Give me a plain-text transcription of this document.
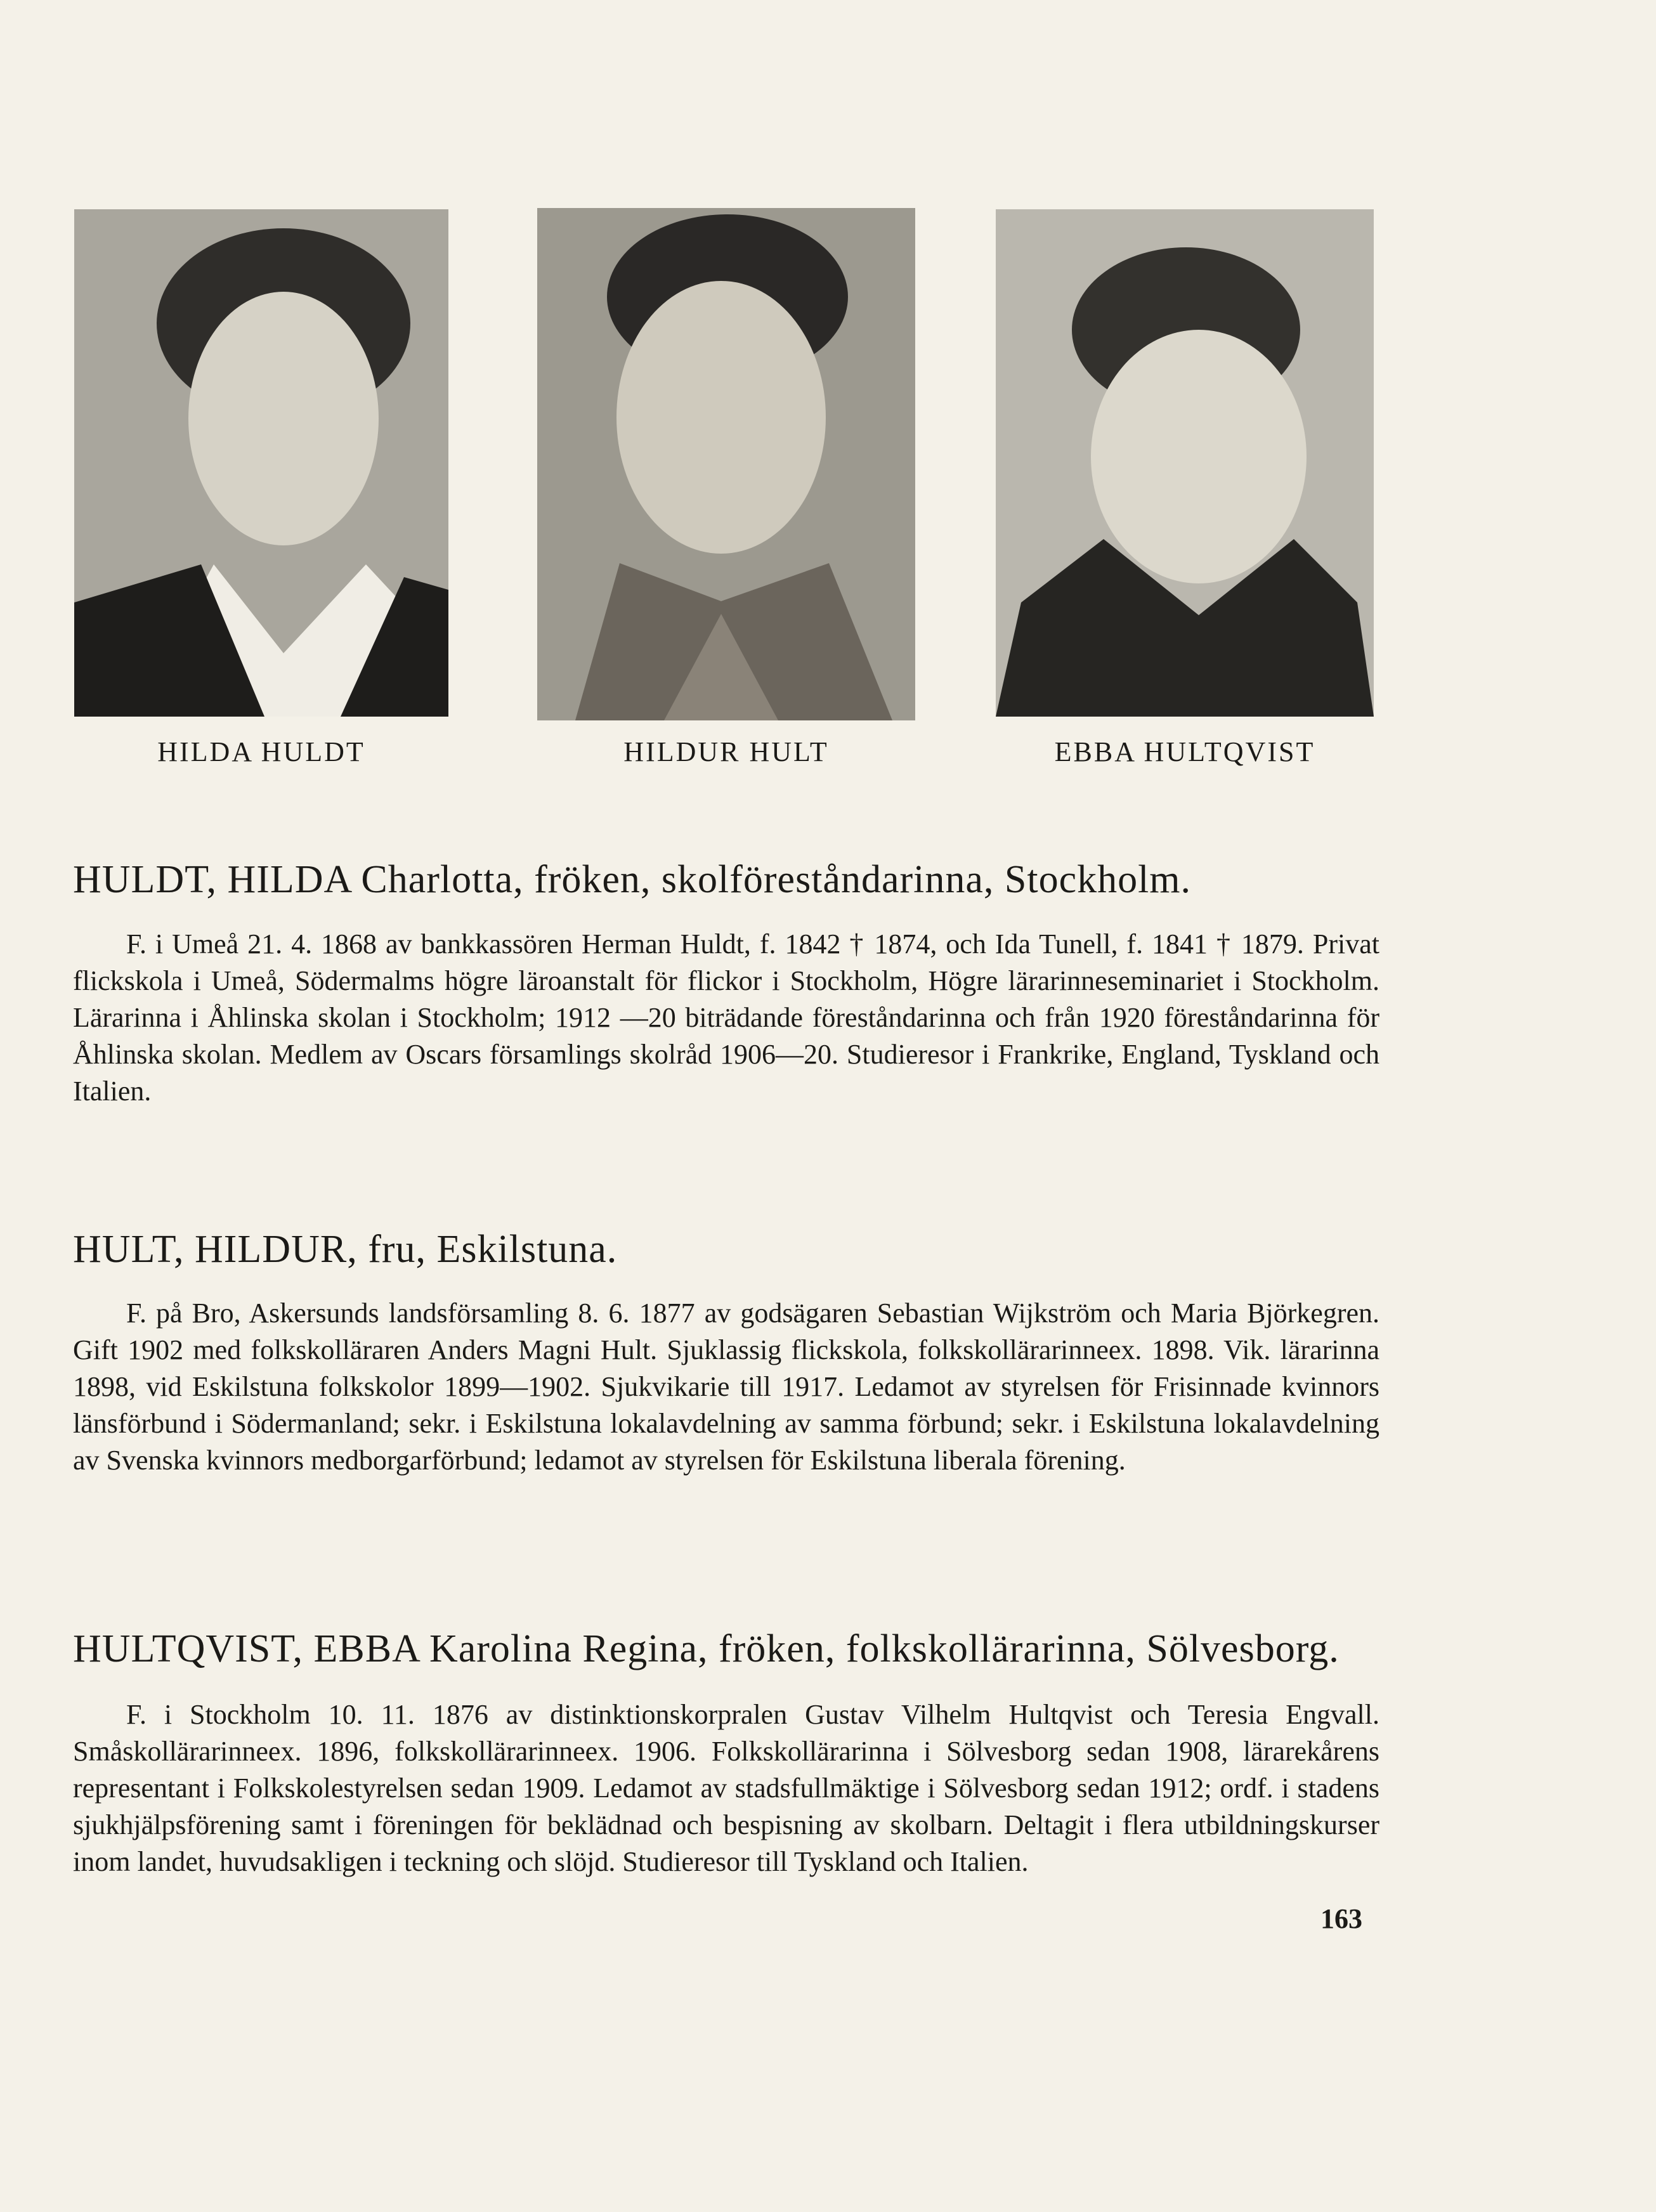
HILDA HULDT	HILDUR HULT	EBBA HULTQVIST
HULDT, HILDA Charlotta, fröken, skolföreståndarinna, Stockholm.
F. i Umeå 21. 4. 1868 av bankkassören Herman Huldt, f. 1842 † 1874, och Ida Tunell, f. 1841 † 1879. Privat flickskola i Umeå, Södermalms högre läroanstalt för flickor i Stockholm, Högre lärarinneseminariet i Stockholm. Lärarinna i Åhlinska skolan i Stockholm; 1912 —20 biträdande föreståndarinna och från 1920 föreståndarinna för Åhlinska skolan. Medlem av Oscars församlings skolråd 1906—20. Studieresor i Frankrike, England, Tyskland och Italien.
HULT, HILDUR, fru, Eskilstuna.
F. på Bro, Askersunds landsförsamling 8. 6. 1877 av godsägaren Sebastian Wijkström och Maria Björkegren. Gift 1902 med folkskolläraren Anders Magni Hult. Sjuklassig flickskola, folkskollärarinneex. 1898. Vik. lärarinna 1898, vid Eskilstuna folkskolor 1899—1902. Sjukvikarie till 1917. Ledamot av styrelsen för Frisinnade kvinnors länsförbund i Södermanland; sekr. i Eskilstuna lokalavdelning av samma förbund; sekr. i Eskilstuna lokalavdelning av Svenska kvinnors medborgarförbund; ledamot av styrelsen för Eskilstuna liberala förening.
HULTQVIST, EBBA Karolina Regina, fröken, folkskollärarinna, Sölvesborg.
F. i Stockholm 10. 11. 1876 av distinktionskorpralen Gustav Vilhelm Hultqvist och Teresia Engvall. Småskollärarinneex. 1896, folkskollärarinneex. 1906. Folkskollärarinna i Sölvesborg sedan 1908, lärarekårens representant i Folkskolestyrelsen sedan 1909. Ledamot av stadsfullmäktige i Sölvesborg sedan 1912; ordf. i stadens sjukhjälpsförening samt i föreningen för beklädnad och bespisning av skolbarn. Deltagit i flera utbildningskurser inom landet, huvudsakligen i teckning och slöjd. Studieresor till Tyskland och Italien.
163
